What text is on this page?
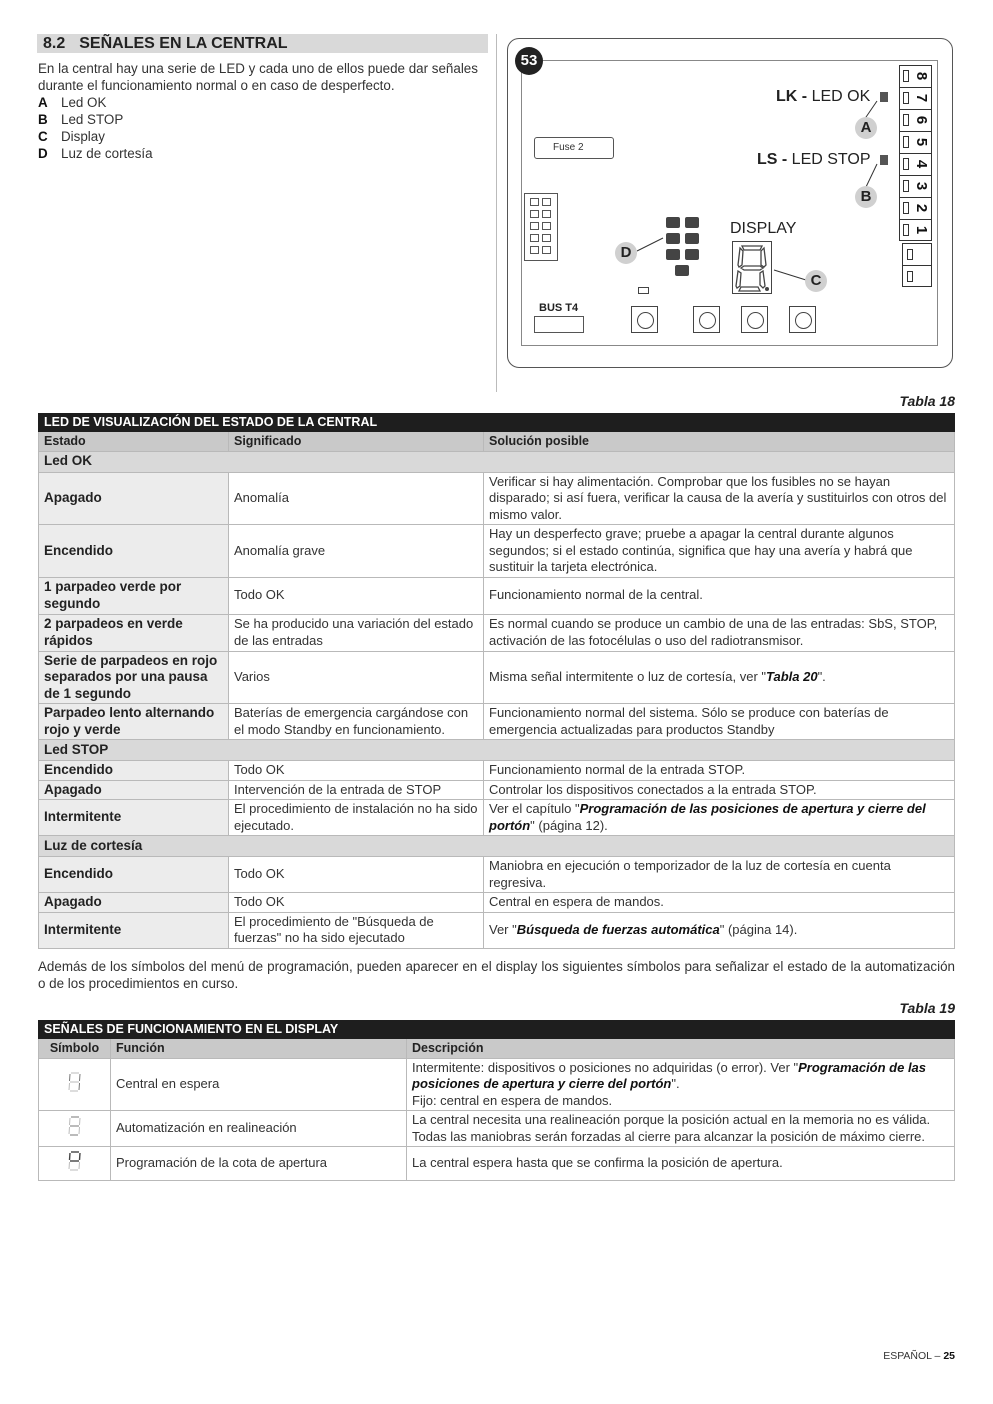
8.2 SEÑALES EN LA CENTRAL
En la central hay una serie de LED y cada uno de ellos puede dar señales durante el funcionamiento normal o en caso de desperfecto.
A Led OK
B Led STOP
C Display
D Luz de cortesía
53
Fuse 2
BUS T4
DISPLAY
LK - LED OK
LS - LED STOP
A
B
C
D
8
7
6
5
4
3
2
1
Tabla 18
LED DE VISUALIZACIÓN DEL ESTADO DE LA CENTRAL		
Estado	Significado	Solución posible
Led OK		
Apagado	Anomalía	Verificar si hay alimentación. Comprobar que los fusibles no se hayan disparado; si así fuera, verificar la causa de la avería y sustituirlos con otros del mismo valor.
Encendido	Anomalía grave	Hay un desperfecto grave; pruebe a apagar la central durante algunos segundos; si el estado continúa, significa que hay una avería y habrá que sustituir la tarjeta electrónica.
1 parpadeo verde por segundo	Todo OK	Funcionamiento normal de la central.
2 parpadeos en verde rápidos	Se ha producido una variación del estado de las entradas	Es normal cuando se produce un cambio de una de las entradas: SbS, STOP, activación de las fotocélulas o uso del radiotransmisor.
Serie de parpadeos en rojo separados por una pausa de 1 segundo	Varios	Misma señal intermitente o luz de cortesía, ver "Tabla 20".
Parpadeo lento alternando rojo y verde	Baterías de emergencia cargándose con el modo Standby en funcionamiento.	Funcionamiento normal del sistema. Sólo se produce con baterías de emergencia actualizadas para productos Standby
Led STOP		
Encendido	Todo OK	Funcionamiento normal de la entrada STOP.
Apagado	Intervención de la entrada de STOP	Controlar los dispositivos conectados a la entrada STOP.
Intermitente	El procedimiento de instalación no ha sido ejecutado.	Ver el capítulo "Programación de las posiciones de apertura y cierre del portón" (página 12).
Luz de cortesía		
Encendido	Todo OK	Maniobra en ejecución o temporizador de la luz de cortesía en cuenta regresiva.
Apagado	Todo OK	Central en espera de mandos.
Intermitente	El procedimiento de "Búsqueda de fuerzas" no ha sido ejecutado	Ver "Búsqueda de fuerzas automática" (página 14).
Además de los símbolos del menú de programación, pueden aparecer en el display los siguientes símbolos para señalizar el estado de la automatización o de los procedimientos en curso.
Tabla 19
SEÑALES DE FUNCIONAMIENTO EN EL DISPLAY		
Símbolo	Función	Descripción
	Central en espera	Intermitente: dispositivos o posiciones no adquiridas (o error). Ver "Programación de las posiciones de apertura y cierre del portón".
Fijo: central en espera de mandos.
	Automatización en realineación	La central necesita una realineación porque la posición actual en la memoria no es válida. Todas las maniobras serán forzadas al cierre para alcanzar la posición de máximo cierre.
	Programación de la cota de apertura	La central espera hasta que se confirma la posición de apertura.
ESPAÑOL – 25
